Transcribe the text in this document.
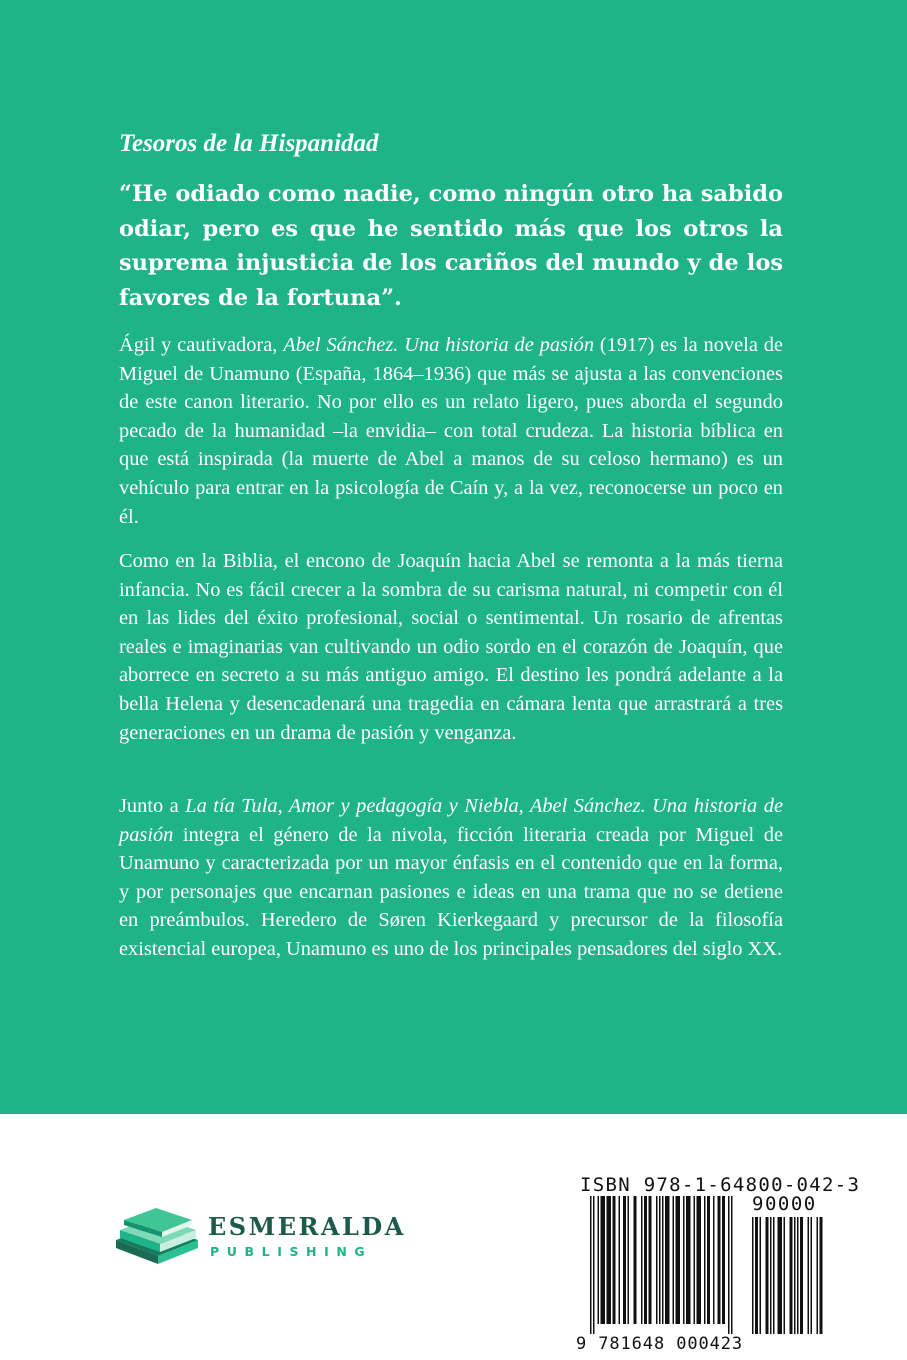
Tesoros de la Hispanidad

“He odiado como nadie, como ningún otro ha sabido odiar, pero es que he sentido más que los otros la suprema injusticia de los cariños del mundo y de los favores de la fortuna”.

Ágil y cautivadora, Abel Sánchez. Una historia de pasión (1917) es la novela de Miguel de Unamuno (España, 1864–1936) que más se ajusta a las convenciones de este canon literario. No por ello es un relato ligero, pues aborda el segundo pecado de la humanidad –la envidia– con total crudeza. La historia bíblica en que está inspirada (la muerte de Abel a manos de su celoso hermano) es un vehículo para entrar en la psicología de Caín y, a la vez, reconocerse un poco en él.

Como en la Biblia, el encono de Joaquín hacia Abel se remonta a la más tierna infancia. No es fácil crecer a la sombra de su carisma natural, ni competir con él en las lides del éxito profesional, social o sentimental. Un rosario de afrentas reales e imaginarias van cultivando un odio sordo en el corazón de Joaquín, que aborrece en secreto a su más antiguo amigo. El destino les pondrá adelante a la bella Helena y desencadenará una tragedia en cámara lenta que arrastrará a tres generaciones en un drama de pasión y venganza.

Junto a La tía Tula, Amor y pedagogía y Niebla, Abel Sánchez. Una historia de pasión integra el género de la nivola, ficción literaria creada por Miguel de Unamuno y caracterizada por un mayor énfasis en el contenido que en la forma, y por personajes que encarnan pasiones e ideas en una trama que no se detiene en preámbulos. Heredero de Søren Kierkegaard y precursor de la filosofía existencial europea, Unamuno es uno de los principales pensadores del siglo XX.

ESMERALDA
PUBLISHING
ISBN 978-1-64800-042-3
90000
9 781648 000423
